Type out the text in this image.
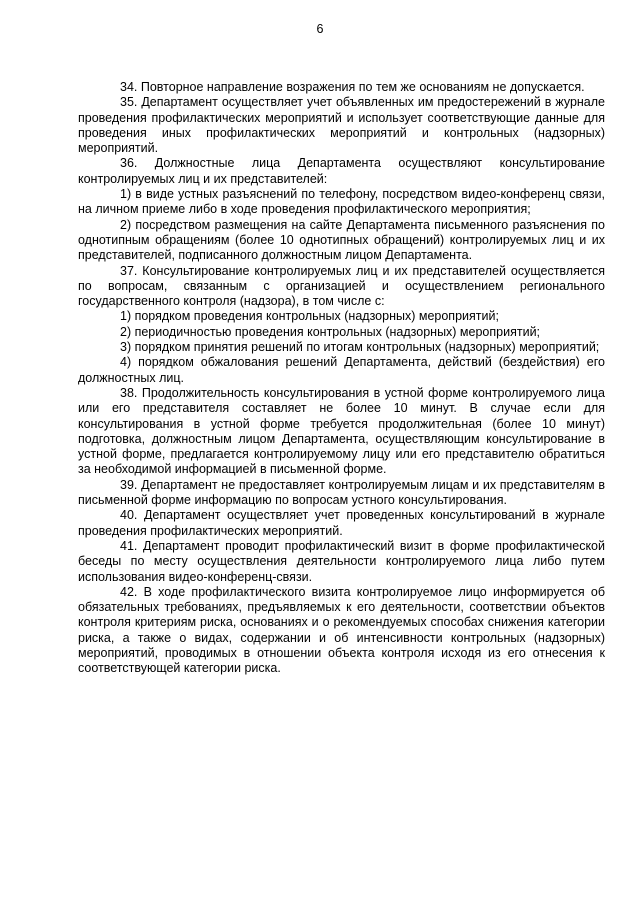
6

34. Повторное направление возражения по тем же основаниям не допускается.

35. Департамент осуществляет учет объявленных им предостережений в журнале проведения профилактических мероприятий и использует соответствующие данные для проведения иных профилактических мероприятий и контрольных (надзорных) мероприятий.

36. Должностные лица Департамента осуществляют консультирование контролируемых лиц и их представителей:

1) в виде устных разъяснений по телефону, посредством видео-конференц связи, на личном приеме либо в ходе проведения профилактического мероприятия;

2) посредством размещения на сайте Департамента письменного разъяснения по однотипным обращениям (более 10 однотипных обращений) контролируемых лиц и их представителей, подписанного должностным лицом Департамента.

37. Консультирование контролируемых лиц и их представителей осуществляется по вопросам, связанным с организацией и осуществлением регионального государственного контроля (надзора), в том числе с:

1) порядком проведения контрольных (надзорных) мероприятий;

2) периодичностью проведения контрольных (надзорных) мероприятий;

3) порядком принятия решений по итогам контрольных (надзорных) мероприятий;

4) порядком обжалования решений Департамента, действий (бездействия) его должностных лиц.

38. Продолжительность консультирования в устной форме контролируемого лица или его представителя составляет не более 10 минут. В случае если для консультирования в устной форме требуется продолжительная (более 10 минут) подготовка, должностным лицом Департамента, осуществляющим консультирование в устной форме, предлагается контролируемому лицу или его представителю обратиться за необходимой информацией в письменной форме.

39. Департамент не предоставляет контролируемым лицам и их представителям в письменной форме информацию по вопросам устного консультирования.

40. Департамент осуществляет учет проведенных консультирований в журнале проведения профилактических мероприятий.

41. Департамент проводит профилактический визит в форме профилактической беседы по месту осуществления деятельности контролируемого лица либо путем использования видео-конференц-связи.

42. В ходе профилактического визита контролируемое лицо информируется об обязательных требованиях, предъявляемых к его деятельности, соответствии объектов контроля критериям риска, основаниях и о рекомендуемых способах снижения категории риска, а также о видах, содержании и об интенсивности контрольных (надзорных) мероприятий, проводимых в отношении объекта контроля исходя из его отнесения к соответствующей категории риска.
